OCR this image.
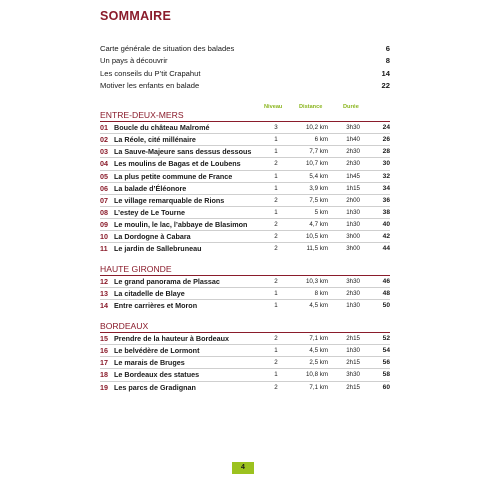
SOMMAIRE
Carte générale de situation des balades	6
Un pays à découvrir	8
Les conseils du P’tit Crapahut	14
Motiver les enfants en balade	22
Niveau	Distance	Durée
ENTRE-DEUX-MERS
01 Boucle du château Malromé	3	10,2 km	3h30	24
02 La Réole, cité millénaire	1	6 km	1h40	26
03 La Sauve-Majeure sans dessus dessous	1	7,7 km	2h30	28
04 Les moulins de Bagas et de Loubens	2	10,7 km	2h30	30
05 La plus petite commune de France	1	5,4 km	1h45	32
06 La balade d’Éléonore	1	3,9 km	1h15	34
07 Le village remarquable de Rions	2	7,5 km	2h00	36
08 L’estey de Le Tourne	1	5 km	1h30	38
09 Le moulin, le lac, l’abbaye de Blasimon	2	4,7 km	1h30	40
10 La Dordogne à Cabara	2	10,5 km	3h00	42
11 Le jardin de Sallebruneau	2	11,5 km	3h00	44
HAUTE GIRONDE
12 Le grand panorama de Plassac	2	10,3 km	3h30	46
13 La citadelle de Blaye	1	8 km	2h30	48
14 Entre carrières et Moron	1	4,5 km	1h30	50
BORDEAUX
15 Prendre de la hauteur à Bordeaux	2	7,1 km	2h15	52
16 Le belvédère de Lormont	1	4,5 km	1h30	54
17 Le marais de Bruges	2	2,5 km	2h15	56
18 Le Bordeaux des statues	1	10,8 km	3h30	58
19 Les parcs de Gradignan	2	7,1 km	2h15	60
4
